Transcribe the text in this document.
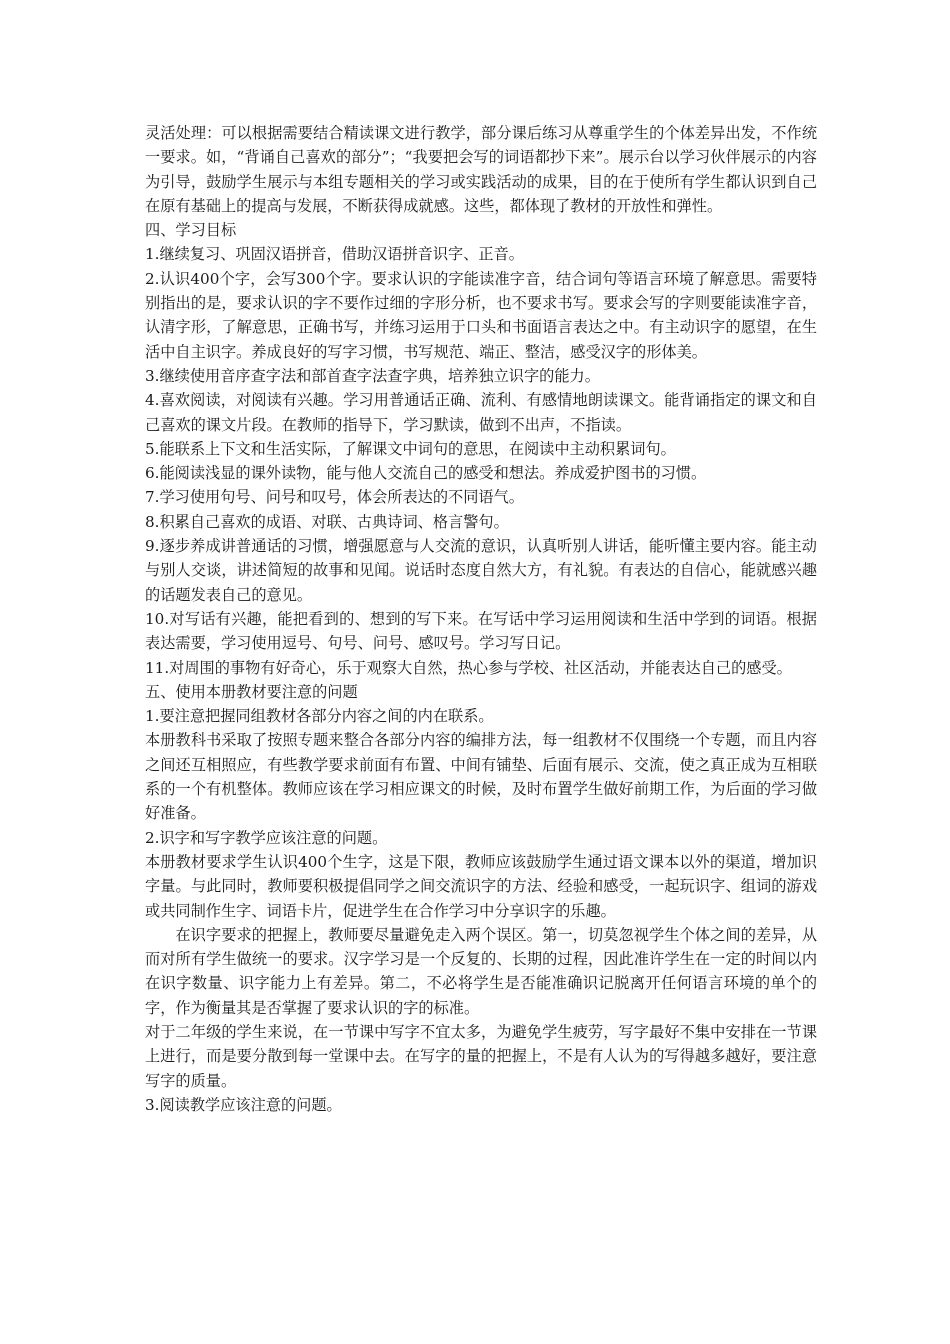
灵活处理：可以根据需要结合精读课文进行教学，部分课后练习从尊重学生的个体差异出发，不作统一要求。如，“背诵自己喜欢的部分”；“我要把会写的词语都抄下来”。展示台以学习伙伴展示的内容为引导，鼓励学生展示与本组专题相关的学习或实践活动的成果，目的在于使所有学生都认识到自己在原有基础上的提高与发展，不断获得成就感。这些，都体现了教材的开放性和弹性。

四、学习目标

1.继续复习、巩固汉语拼音，借助汉语拼音识字、正音。

2.认识400个字，会写300个字。要求认识的字能读准字音，结合词句等语言环境了解意思。需要特别指出的是，要求认识的字不要作过细的字形分析，也不要求书写。要求会写的字则要能读准字音，认清字形，了解意思，正确书写，并练习运用于口头和书面语言表达之中。有主动识字的愿望，在生活中自主识字。养成良好的写字习惯，书写规范、端正、整洁，感受汉字的形体美。

3.继续使用音序查字法和部首查字法查字典，培养独立识字的能力。

4.喜欢阅读，对阅读有兴趣。学习用普通话正确、流利、有感情地朗读课文。能背诵指定的课文和自己喜欢的课文片段。在教师的指导下，学习默读，做到不出声，不指读。

5.能联系上下文和生活实际，了解课文中词句的意思，在阅读中主动积累词句。

6.能阅读浅显的课外读物，能与他人交流自己的感受和想法。养成爱护图书的习惯。

7.学习使用句号、问号和叹号，体会所表达的不同语气。

8.积累自己喜欢的成语、对联、古典诗词、格言警句。

9.逐步养成讲普通话的习惯，增强愿意与人交流的意识，认真听别人讲话，能听懂主要内容。能主动与别人交谈，讲述简短的故事和见闻。说话时态度自然大方，有礼貌。有表达的自信心，能就感兴趣的话题发表自己的意见。

10.对写话有兴趣，能把看到的、想到的写下来。在写话中学习运用阅读和生活中学到的词语。根据表达需要，学习使用逗号、句号、问号、感叹号。学习写日记。

11.对周围的事物有好奇心，乐于观察大自然，热心参与学校、社区活动，并能表达自己的感受。

五、使用本册教材要注意的问题

1.要注意把握同组教材各部分内容之间的内在联系。

本册教科书采取了按照专题来整合各部分内容的编排方法，每一组教材不仅围绕一个专题，而且内容之间还互相照应，有些教学要求前面有布置、中间有铺垫、后面有展示、交流，使之真正成为互相联系的一个有机整体。教师应该在学习相应课文的时候，及时布置学生做好前期工作，为后面的学习做好准备。

2.识字和写字教学应该注意的问题。

本册教材要求学生认识400个生字，这是下限，教师应该鼓励学生通过语文课本以外的渠道，增加识字量。与此同时，教师要积极提倡同学之间交流识字的方法、经验和感受，一起玩识字、组词的游戏或共同制作生字、词语卡片，促进学生在合作学习中分享识字的乐趣。

在识字要求的把握上，教师要尽量避免走入两个误区。第一，切莫忽视学生个体之间的差异，从而对所有学生做统一的要求。汉字学习是一个反复的、长期的过程，因此准许学生在一定的时间以内在识字数量、识字能力上有差异。第二，不必将学生是否能准确识记脱离开任何语言环境的单个的字，作为衡量其是否掌握了要求认识的字的标准。

对于二年级的学生来说，在一节课中写字不宜太多，为避免学生疲劳，写字最好不集中安排在一节课上进行，而是要分散到每一堂课中去。在写字的量的把握上，不是有人认为的写得越多越好，要注意写字的质量。

3.阅读教学应该注意的问题。
